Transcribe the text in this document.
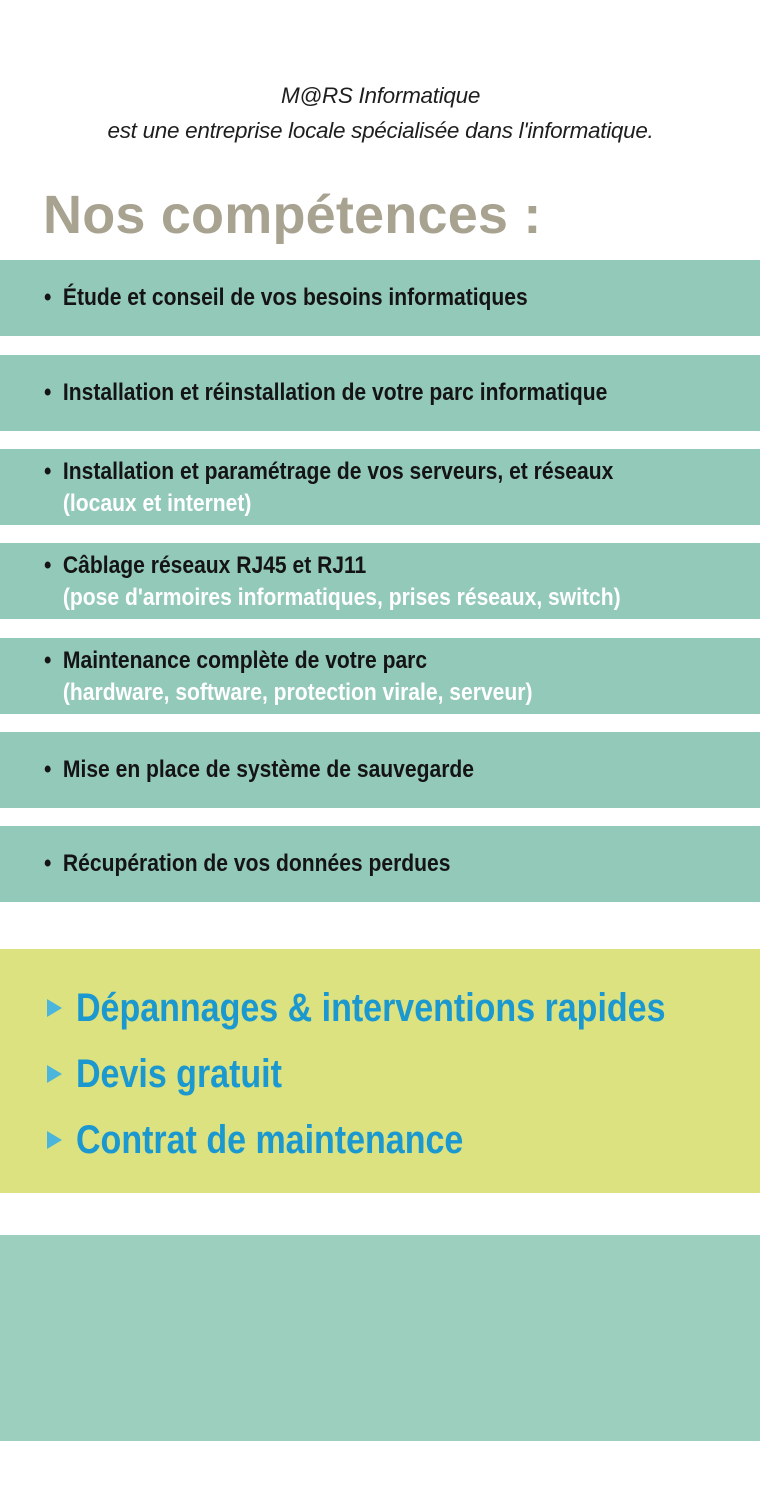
M@RS Informatique
est une entreprise locale spécialisée dans l'informatique.
Nos compétences :
• Étude et conseil de vos besoins informatiques
• Installation et réinstallation de votre parc informatique
• Installation et paramétrage de vos serveurs, et réseaux
(locaux et internet)
• Câblage réseaux RJ45 et RJ11
(pose d'armoires informatiques, prises réseaux, switch)
• Maintenance complète de votre parc
(hardware, software, protection virale, serveur)
• Mise en place de système de sauvegarde
• Récupération de vos données perdues
Dépannages & interventions rapides
Devis gratuit
Contrat de maintenance
